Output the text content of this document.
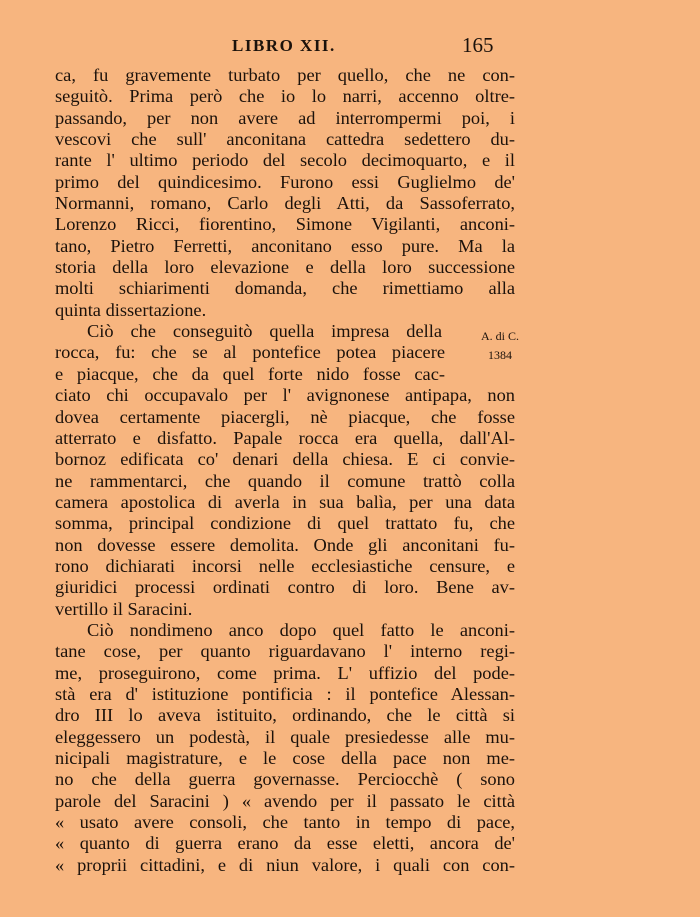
LIBRO XII.	165
A. di C.
1384
ca, fu gravemente turbato per quello, che ne con-
seguitò. Prima però che io lo narri, accenno oltre-
passando, per non avere ad interrompermi poi, i
vescovi che sull' anconitana cattedra sedettero du-
rante l' ultimo periodo del secolo decimoquarto, e il
primo del quindicesimo. Furono essi Guglielmo de'
Normanni, romano, Carlo degli Atti, da Sassoferrato,
Lorenzo Ricci, fiorentino, Simone Vigilanti, anconi-
tano, Pietro Ferretti, anconitano esso pure. Ma la
storia della loro elevazione e della loro successione
molti schiarimenti domanda, che rimettiamo alla
quinta dissertazione.
Ciò che conseguitò quella impresa della
rocca, fu: che se al pontefice potea piacere
e piacque, che da quel forte nido fosse cac-
ciato chi occupavalo per l' avignonese antipapa, non
dovea certamente piacergli, nè piacque, che fosse
atterrato e disfatto. Papale rocca era quella, dall'Al-
bornoz edificata co' denari della chiesa. E ci convie-
ne rammentarci, che quando il comune trattò colla
camera apostolica di averla in sua balìa, per una data
somma, principal condizione di quel trattato fu, che
non dovesse essere demolita. Onde gli anconitani fu-
rono dichiarati incorsi nelle ecclesiastiche censure, e
giuridici processi ordinati contro di loro. Bene av-
vertillo il Saracini.
Ciò nondimeno anco dopo quel fatto le anconi-
tane cose, per quanto riguardavano l' interno regi-
me, proseguirono, come prima. L' uffizio del pode-
stà era d' istituzione pontificia : il pontefice Alessan-
dro III lo aveva istituito, ordinando, che le città si
eleggessero un podestà, il quale presiedesse alle mu-
nicipali magistrature, e le cose della pace non me-
no che della guerra governasse. Perciocchè ( sono
parole del Saracini ) « avendo per il passato le città
« usato avere consoli, che tanto in tempo di pace,
« quanto di guerra erano da esse eletti, ancora de'
« proprii cittadini, e di niun valore, i quali con con-
